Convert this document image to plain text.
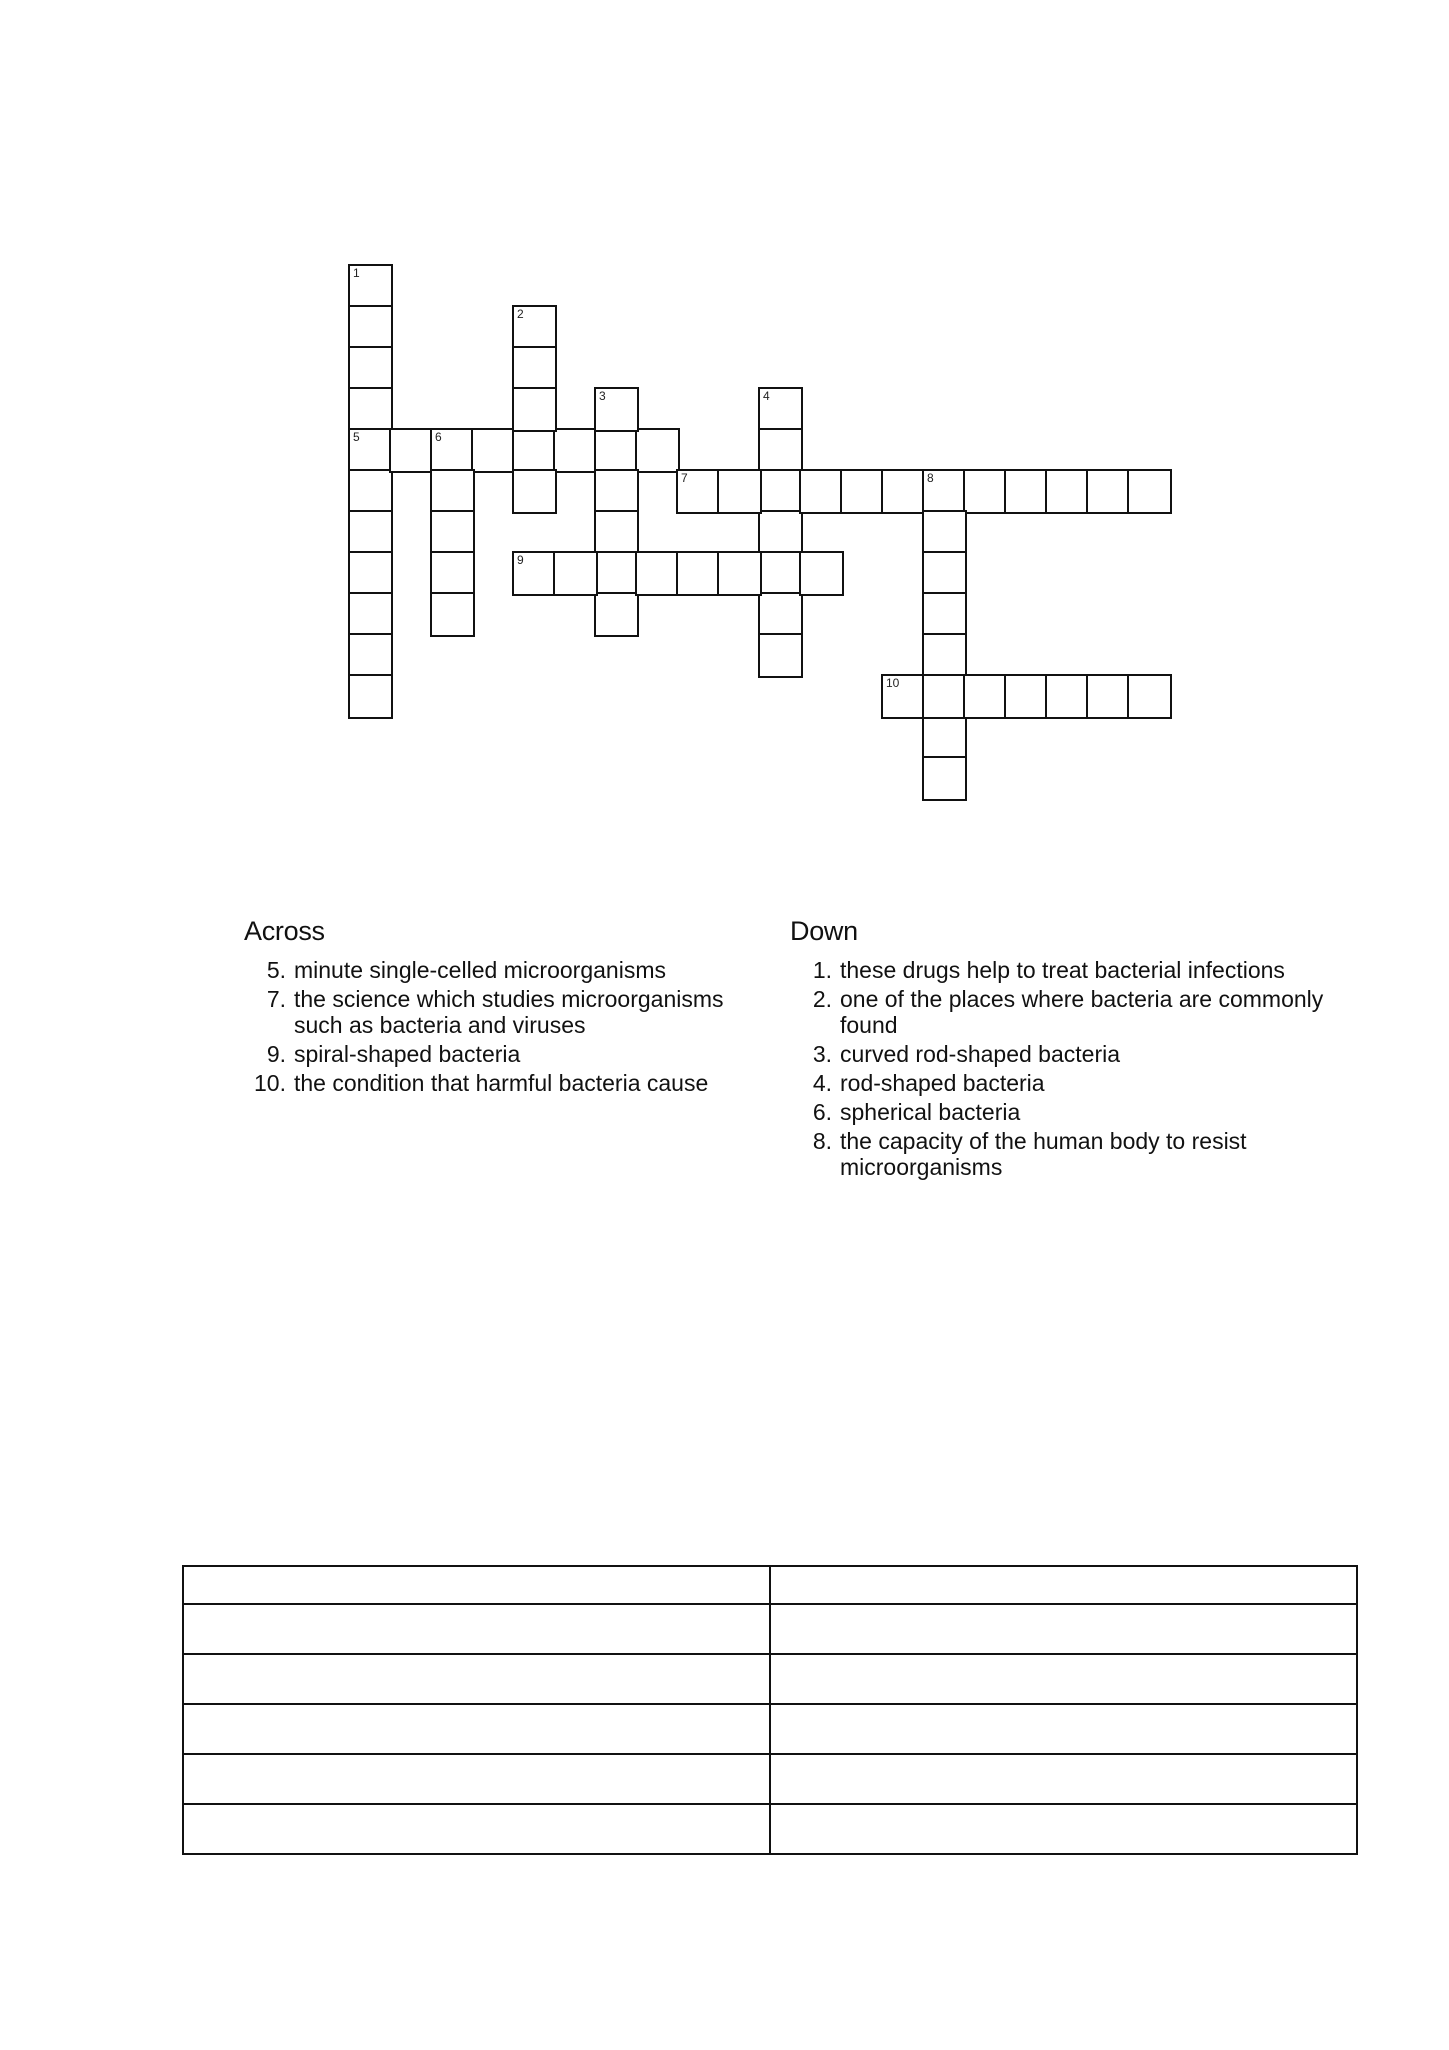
1
5	6
2
3	4
7	8
9
10
Across
5. minute single-celled microorganisms
7. the science which studies microorganisms such as bacteria and viruses
9. spiral-shaped bacteria
10. the condition that harmful bacteria cause
Down
1. these drugs help to treat bacterial infections
2. one of the places where bacteria are commonly found
3. curved rod-shaped bacteria
4. rod-shaped bacteria
6. spherical bacteria
8. the capacity of the human body to resist microorganisms
